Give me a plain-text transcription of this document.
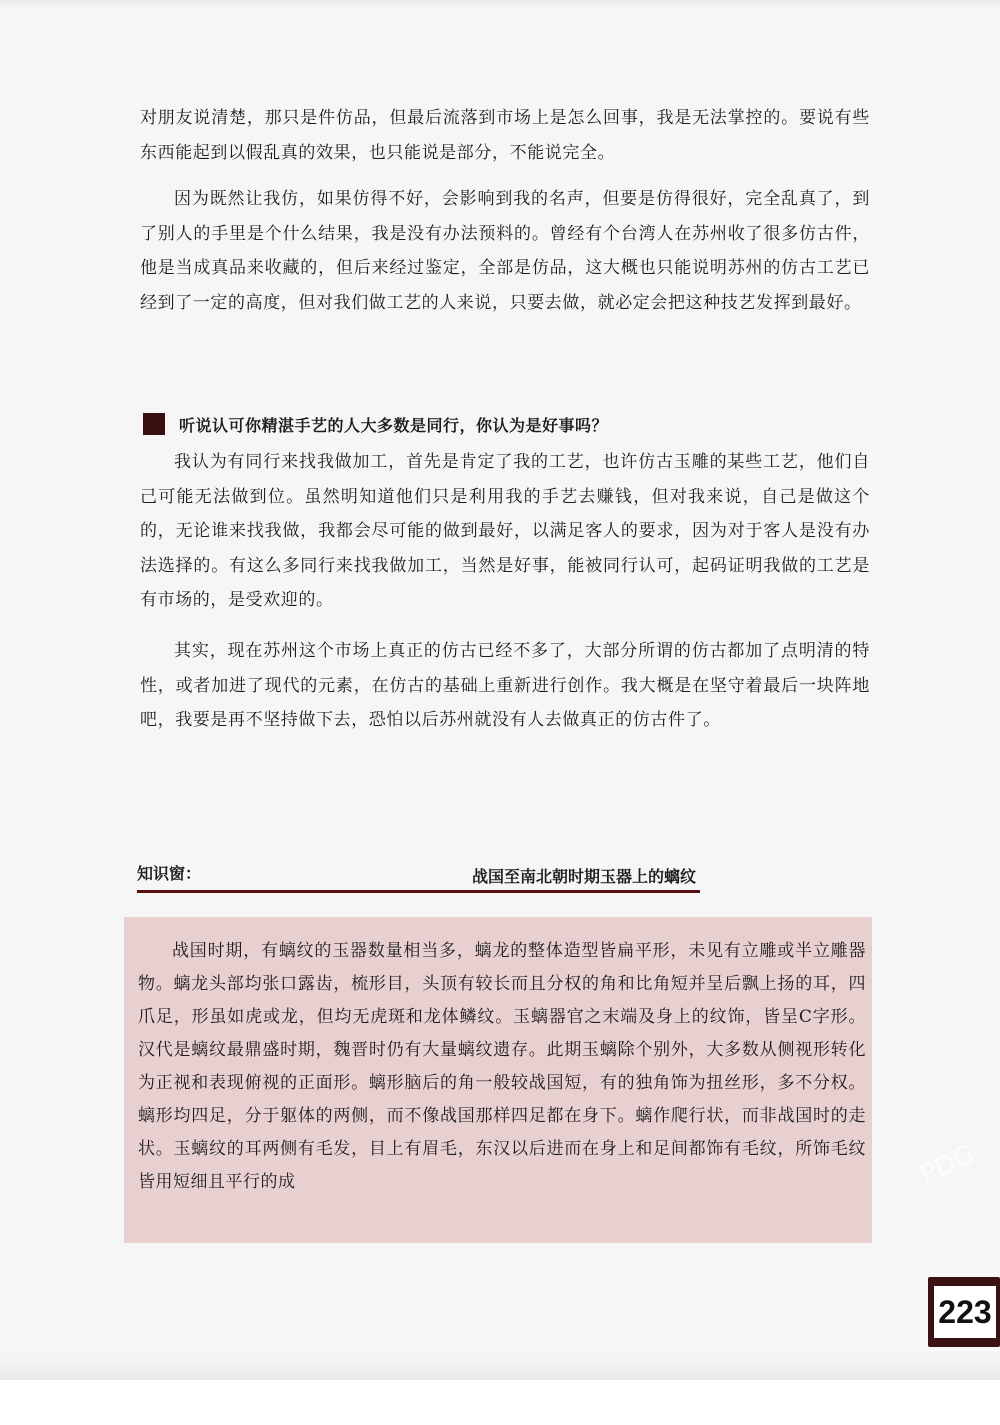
对朋友说清楚，那只是件仿品，但最后流落到市场上是怎么回事，我是无法掌控的。要说有些东西能起到以假乱真的效果，也只能说是部分，不能说完全。

因为既然让我仿，如果仿得不好，会影响到我的名声，但要是仿得很好，完全乱真了，到了别人的手里是个什么结果，我是没有办法预料的。曾经有个台湾人在苏州收了很多仿古件，他是当成真品来收藏的，但后来经过鉴定，全部是仿品，这大概也只能说明苏州的仿古工艺已经到了一定的高度，但对我们做工艺的人来说，只要去做，就必定会把这种技艺发挥到最好。

听说认可你精湛手艺的人大多数是同行，你认为是好事吗？

我认为有同行来找我做加工，首先是肯定了我的工艺，也许仿古玉雕的某些工艺，他们自己可能无法做到位。虽然明知道他们只是利用我的手艺去赚钱，但对我来说，自己是做这个的，无论谁来找我做，我都会尽可能的做到最好，以满足客人的要求，因为对于客人是没有办法选择的。有这么多同行来找我做加工，当然是好事，能被同行认可，起码证明我做的工艺是有市场的，是受欢迎的。

其实，现在苏州这个市场上真正的仿古已经不多了，大部分所谓的仿古都加了点明清的特性，或者加进了现代的元素，在仿古的基础上重新进行创作。我大概是在坚守着最后一块阵地吧，我要是再不坚持做下去，恐怕以后苏州就没有人去做真正的仿古件了。

知识窗：	战国至南北朝时期玉器上的螭纹

战国时期，有螭纹的玉器数量相当多，螭龙的整体造型皆扁平形，未见有立雕或半立雕器物。螭龙头部均张口露齿，梳形目，头顶有较长而且分权的角和比角短并呈后飘上扬的耳，四爪足，形虽如虎或龙，但均无虎斑和龙体鳞纹。玉螭器官之末端及身上的纹饰，皆呈C字形。汉代是螭纹最鼎盛时期，魏晋时仍有大量螭纹遗存。此期玉螭除个别外，大多数从侧视形转化为正视和表现俯视的正面形。螭形脑后的角一般较战国短，有的独角饰为扭丝形，多不分权。螭形均四足，分于躯体的两侧，而不像战国那样四足都在身下。螭作爬行状，而非战国时的走状。玉螭纹的耳两侧有毛发，目上有眉毛，东汉以后进而在身上和足间都饰有毛纹，所饰毛纹皆用短细且平行的成	PDG
223
